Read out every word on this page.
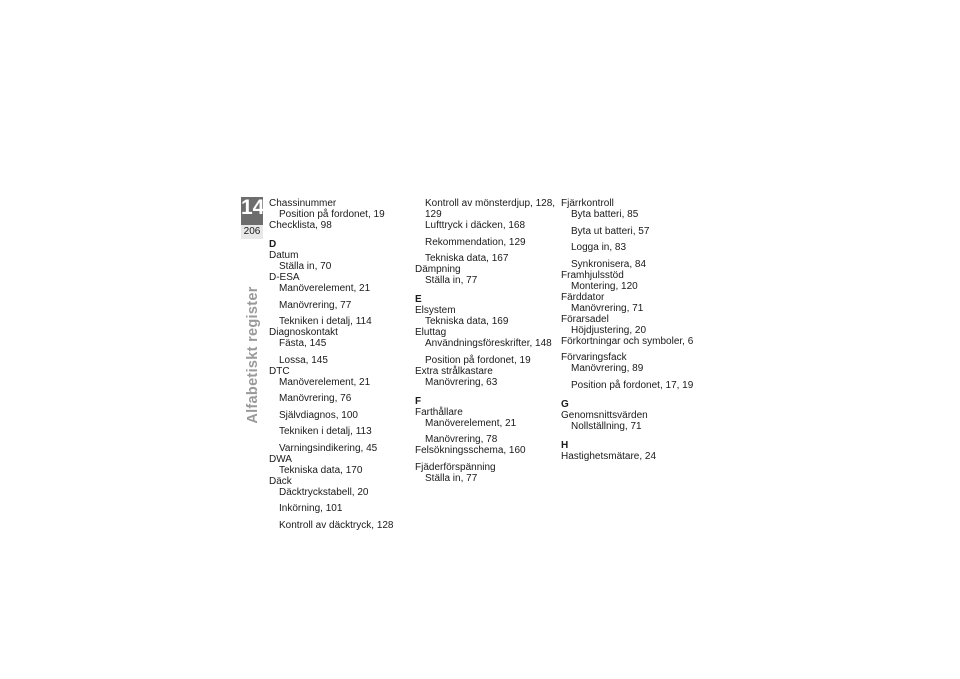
14
206
Alfabetiskt register
Chassinummer
Position på fordonet, 19
Checklista, 98
D
Datum
Ställa in, 70
D-ESA
Manöverelement, 21
Manövrering, 77
Tekniken i detalj, 114
Diagnoskontakt
Fästa, 145
Lossa, 145
DTC
Manöverelement, 21
Manövrering, 76
Självdiagnos, 100
Tekniken i detalj, 113
Varningsindikering, 45
DWA
Tekniska data, 170
Däck
Däcktryckstabell, 20
Inkörning, 101
Kontroll av däcktryck, 128
Kontroll av mönsterdjup, 128,
129
Lufttryck i däcken, 168
Rekommendation, 129
Tekniska data, 167
Dämpning
Ställa in, 77
E
Elsystem
Tekniska data, 169
Eluttag
Användningsföreskrifter, 148
Position på fordonet, 19
Extra strålkastare
Manövrering, 63
F
Farthållare
Manöverelement, 21
Manövrering, 78
Felsökningsschema, 160
Fjäderförspänning
Ställa in, 77
Fjärrkontroll
Byta batteri, 85
Byta ut batteri, 57
Logga in, 83
Synkronisera, 84
Framhjulsstöd
Montering, 120
Färddator
Manövrering, 71
Förarsadel
Höjdjustering, 20
Förkortningar och symboler, 6
Förvaringsfack
Manövrering, 89
Position på fordonet, 17, 19
G
Genomsnittsvärden
Nollställning, 71
H
Hastighetsmätare, 24
